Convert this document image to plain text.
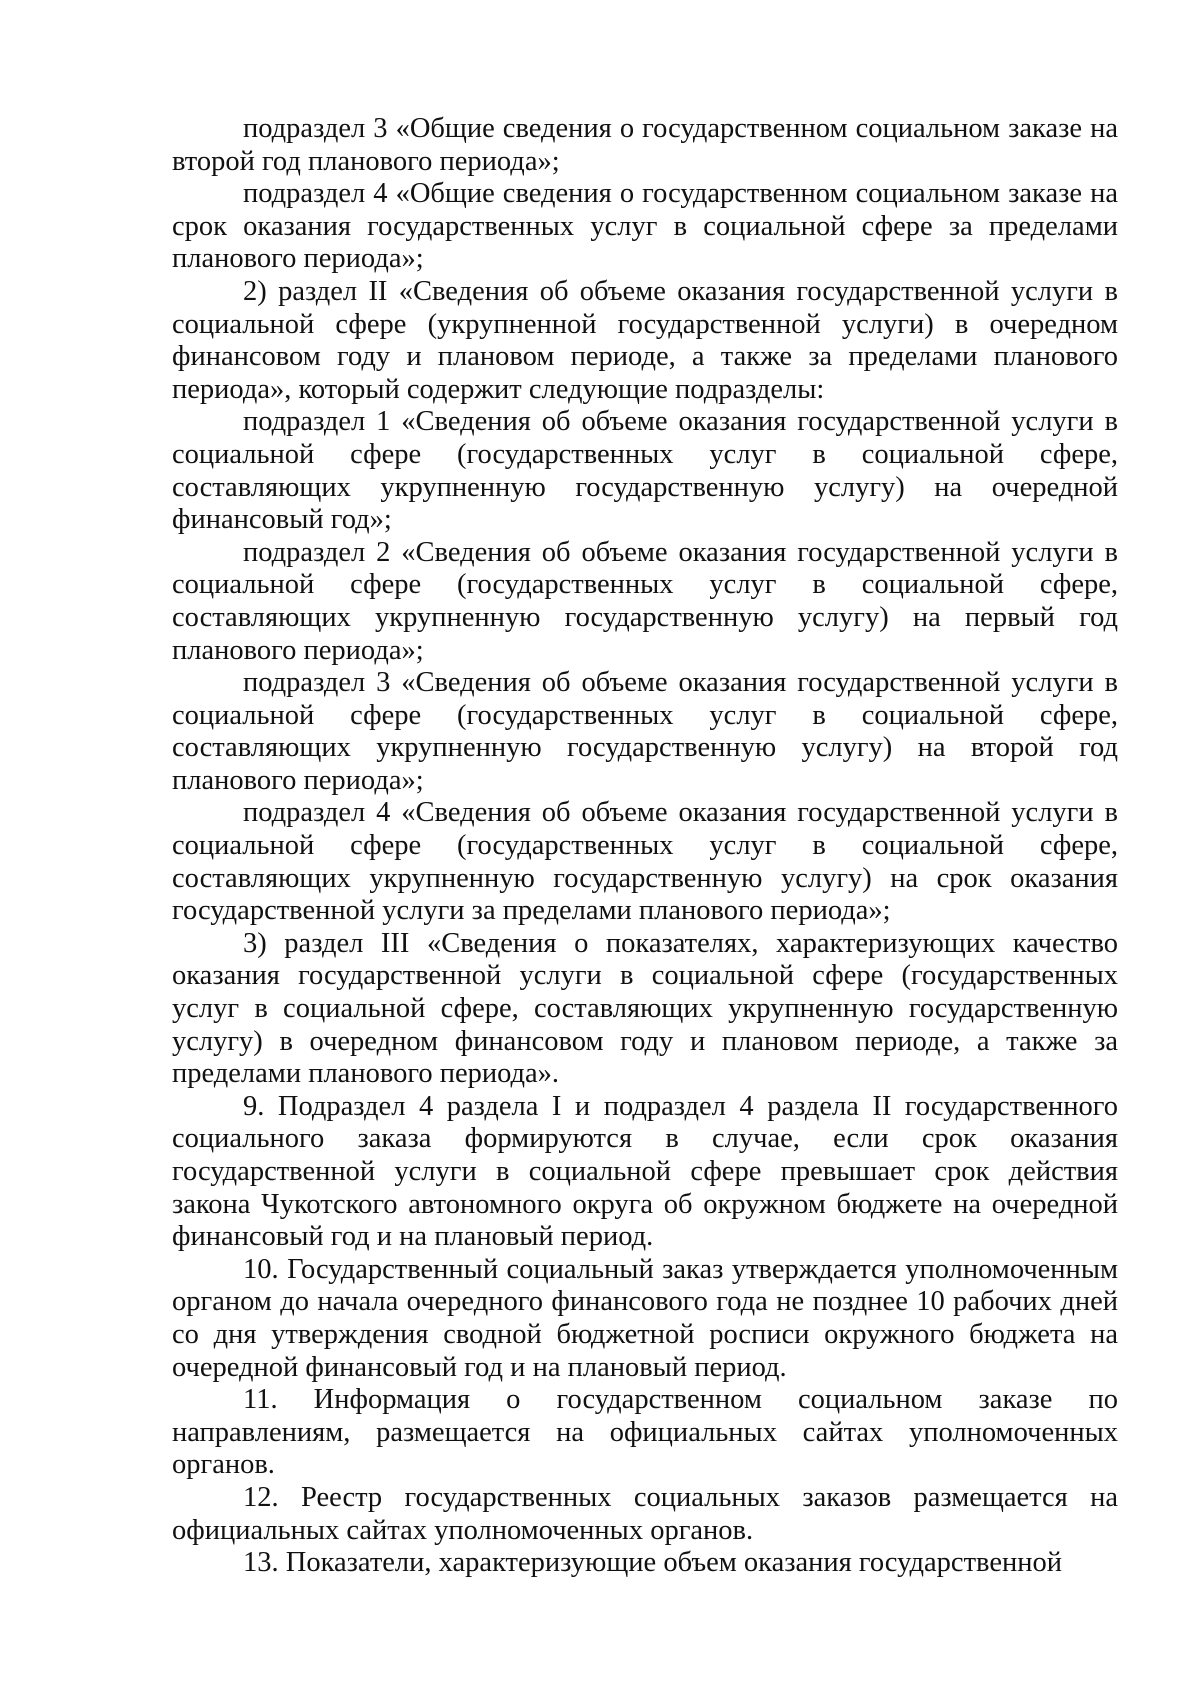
подраздел 3 «Общие сведения о государственном социальном заказе на второй год планового периода»;

подраздел 4 «Общие сведения о государственном социальном заказе на срок оказания государственных услуг в социальной сфере за пределами планового периода»;

2) раздел II «Сведения об объеме оказания государственной услуги в социальной сфере (укрупненной государственной услуги) в очередном финансовом году и плановом периоде, а также за пределами планового периода», который содержит следующие подразделы:

подраздел 1 «Сведения об объеме оказания государственной услуги в социальной сфере (государственных услуг в социальной сфере, составляющих укрупненную государственную услугу) на очередной финансовый год»;

подраздел 2 «Сведения об объеме оказания государственной услуги в социальной сфере (государственных услуг в социальной сфере, составляющих укрупненную государственную услугу) на первый год планового периода»;

подраздел 3 «Сведения об объеме оказания государственной услуги в социальной сфере (государственных услуг в социальной сфере, составляющих укрупненную государственную услугу) на второй год планового периода»;

подраздел 4 «Сведения об объеме оказания государственной услуги в социальной сфере (государственных услуг в социальной сфере, составляющих укрупненную государственную услугу) на срок оказания государственной услуги за пределами планового периода»;

3) раздел III «Сведения о показателях, характеризующих качество оказания государственной услуги в социальной сфере (государственных услуг в социальной сфере, составляющих укрупненную государственную услугу) в очередном финансовом году и плановом периоде, а также за пределами планового периода».

9. Подраздел 4 раздела I и подраздел 4 раздела II государственного социального заказа формируются в случае, если срок оказания государственной услуги в социальной сфере превышает срок действия закона Чукотского автономного округа об окружном бюджете на очередной финансовый год и на плановый период.

10. Государственный социальный заказ утверждается уполномоченным органом до начала очередного финансового года не позднее 10 рабочих дней со дня утверждения сводной бюджетной росписи окружного бюджета на очередной финансовый год и на плановый период.

11. Информация о государственном социальном заказе по направлениям, размещается на официальных сайтах уполномоченных органов.

12. Реестр государственных социальных заказов размещается на официальных сайтах уполномоченных органов.

13. Показатели, характеризующие объем оказания государственной
